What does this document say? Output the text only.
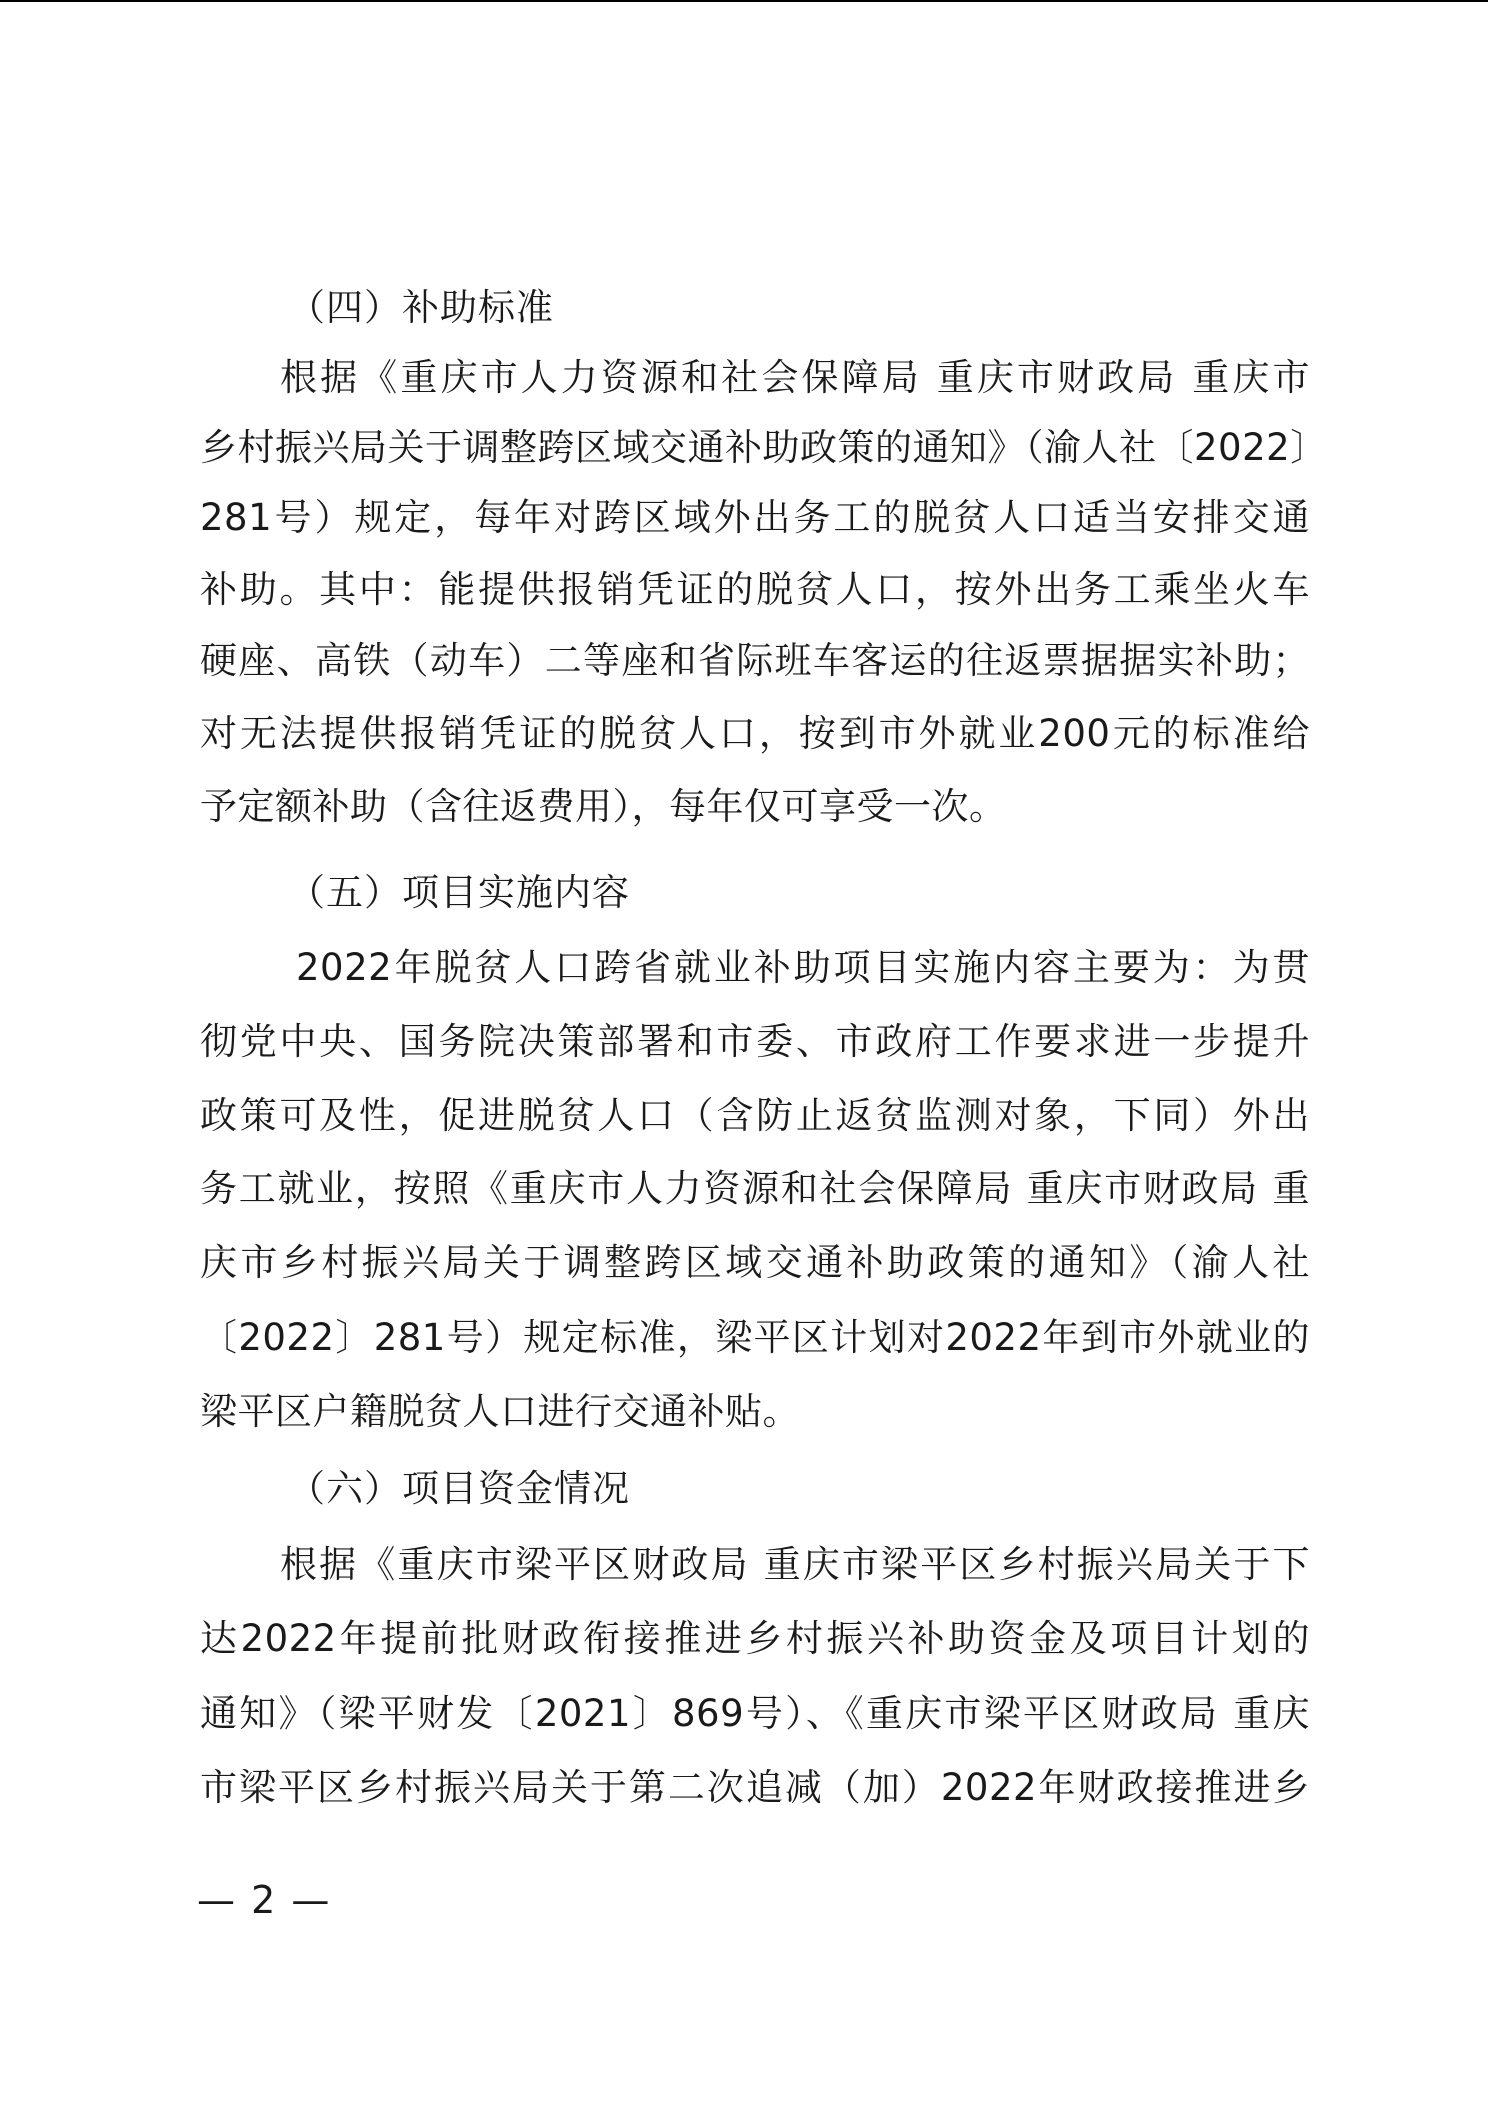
（四）补助标准
根据《重庆市人力资源和社会保障局 重庆市财政局 重庆市
乡村振兴局关于调整跨区域交通补助政策的通知》（渝人社〔2022〕
281号）规定，每年对跨区域外出务工的脱贫人口适当安排交通
补助。其中：能提供报销凭证的脱贫人口，按外出务工乘坐火车
硬座、高铁（动车）二等座和省际班车客运的往返票据据实补助；
对无法提供报销凭证的脱贫人口，按到市外就业200元的标准给
予定额补助（含往返费用），每年仅可享受一次。
（五）项目实施内容
2022年脱贫人口跨省就业补助项目实施内容主要为：为贯
彻党中央、国务院决策部署和市委、市政府工作要求进一步提升
政策可及性，促进脱贫人口（含防止返贫监测对象，下同）外出
务工就业，按照《重庆市人力资源和社会保障局 重庆市财政局 重
庆市乡村振兴局关于调整跨区域交通补助政策的通知》（渝人社
〔2022〕281号）规定标准，梁平区计划对2022年到市外就业的
梁平区户籍脱贫人口进行交通补贴。
（六）项目资金情况
根据《重庆市梁平区财政局 重庆市梁平区乡村振兴局关于下
达2022年提前批财政衔接推进乡村振兴补助资金及项目计划的
通知》（梁平财发〔2021〕869号）、《重庆市梁平区财政局 重庆
市梁平区乡村振兴局关于第二次追减（加）2022年财政接推进乡
— 2 —
